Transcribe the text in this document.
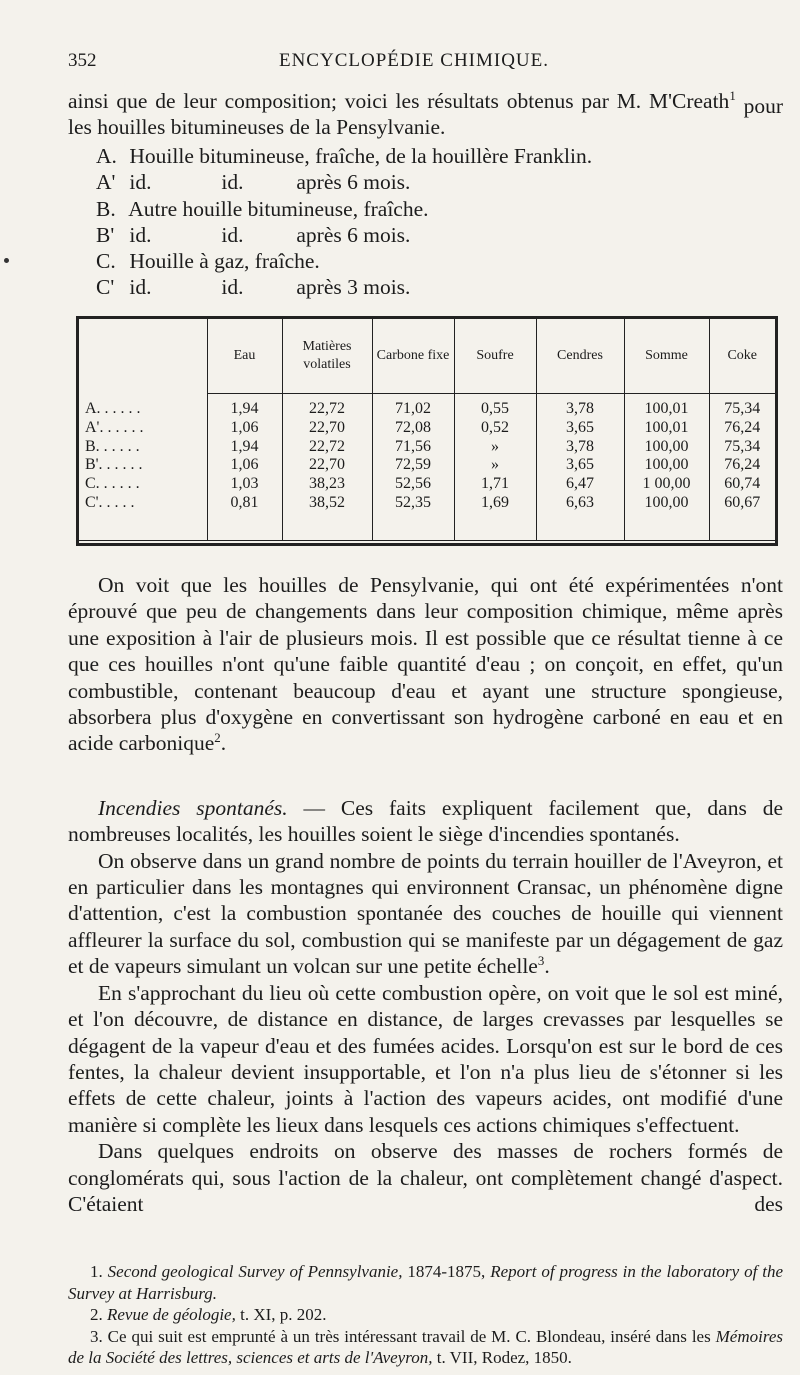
352	ENCYCLOPÉDIE CHIMIQUE.

ainsi que de leur composition; voici les résultats obtenus par M. M'Creath$^1$ pour

les houilles bitumineuses de la Pensylvanie.

A. Houille bitumineuse, fraîche, de la houillère Franklin.
A' id.	id. après 6 mois.
B. Autre houille bitumineuse, fraîche.
B' id.	id. après 6 mois.
C. Houille à gaz, fraîche.
C' id.	id. après 3 mois.
	Eau	Matières volatiles	Carbone fixe	Soufre	Cendres	Somme	Coke
A. . . . . .	1,94	22,72	71,02	0,55	3,78	100,01	75,34
A'. . . . . .	1,06	22,70	72,08	0,52	3,65	100,01	76,24
B. . . . . .	1,94	22,72	71,56	»	3,78	100,00	75,34
B'. . . . . .	1,06	22,70	72,59	»	3,65	100,00	76,24
C. . . . . .	1,03	38,23	52,56	1,71	6,47	1 00,00	60,74
C'. . . . .	0,81	38,52	52,35	1,69	6,63	100,00	60,67

On voit que les houilles de Pensylvanie, qui ont été expérimentées n'ont éprouvé que peu de changements dans leur composition chimique, même après une exposition à l'air de plusieurs mois. Il est possible que ce résultat tienne à ce que ces houilles n'ont qu'une faible quantité d'eau ; on conçoit, en effet, qu'un combustible, contenant beaucoup d'eau et ayant une structure spongieuse, absorbera plus d'oxygène en convertissant son hydrogène carboné en eau et en acide carbonique$^2$.

Incendies spontanés. — Ces faits expliquent facilement que, dans de nombreuses localités, les houilles soient le siège d'incendies spontanés.

On observe dans un grand nombre de points du terrain houiller de l'Aveyron, et en particulier dans les montagnes qui environnent Cransac, un phénomène digne d'attention, c'est la combustion spontanée des couches de houille qui viennent affleurer la surface du sol, combustion qui se manifeste par un dégagement de gaz et de vapeurs simulant un volcan sur une petite échelle$^3$.

En s'approchant du lieu où cette combustion opère, on voit que le sol est miné, et l'on découvre, de distance en distance, de larges crevasses par lesquelles se dégagent de la vapeur d'eau et des fumées acides. Lorsqu'on est sur le bord de ces fentes, la chaleur devient insupportable, et l'on n'a plus lieu de s'étonner si les effets de cette chaleur, joints à l'action des vapeurs acides, ont modifié d'une manière si complète les lieux dans lesquels ces actions chimiques s'effectuent.

Dans quelques endroits on observe des masses de rochers formés de conglomérats qui, sous l'action de la chaleur, ont complètement changé d'aspect. C'étaient des

1. Second geological Survey of Pennsylvanie, 1874-1875, Report of progress in the laboratory of the Survey at Harrisburg.

2. Revue de géologie, t. XI, p. 202.

3. Ce qui suit est emprunté à un très intéressant travail de M. C. Blondeau, inséré dans les Mémoires de la Société des lettres, sciences et arts de l'Aveyron, t. VII, Rodez, 1850.
